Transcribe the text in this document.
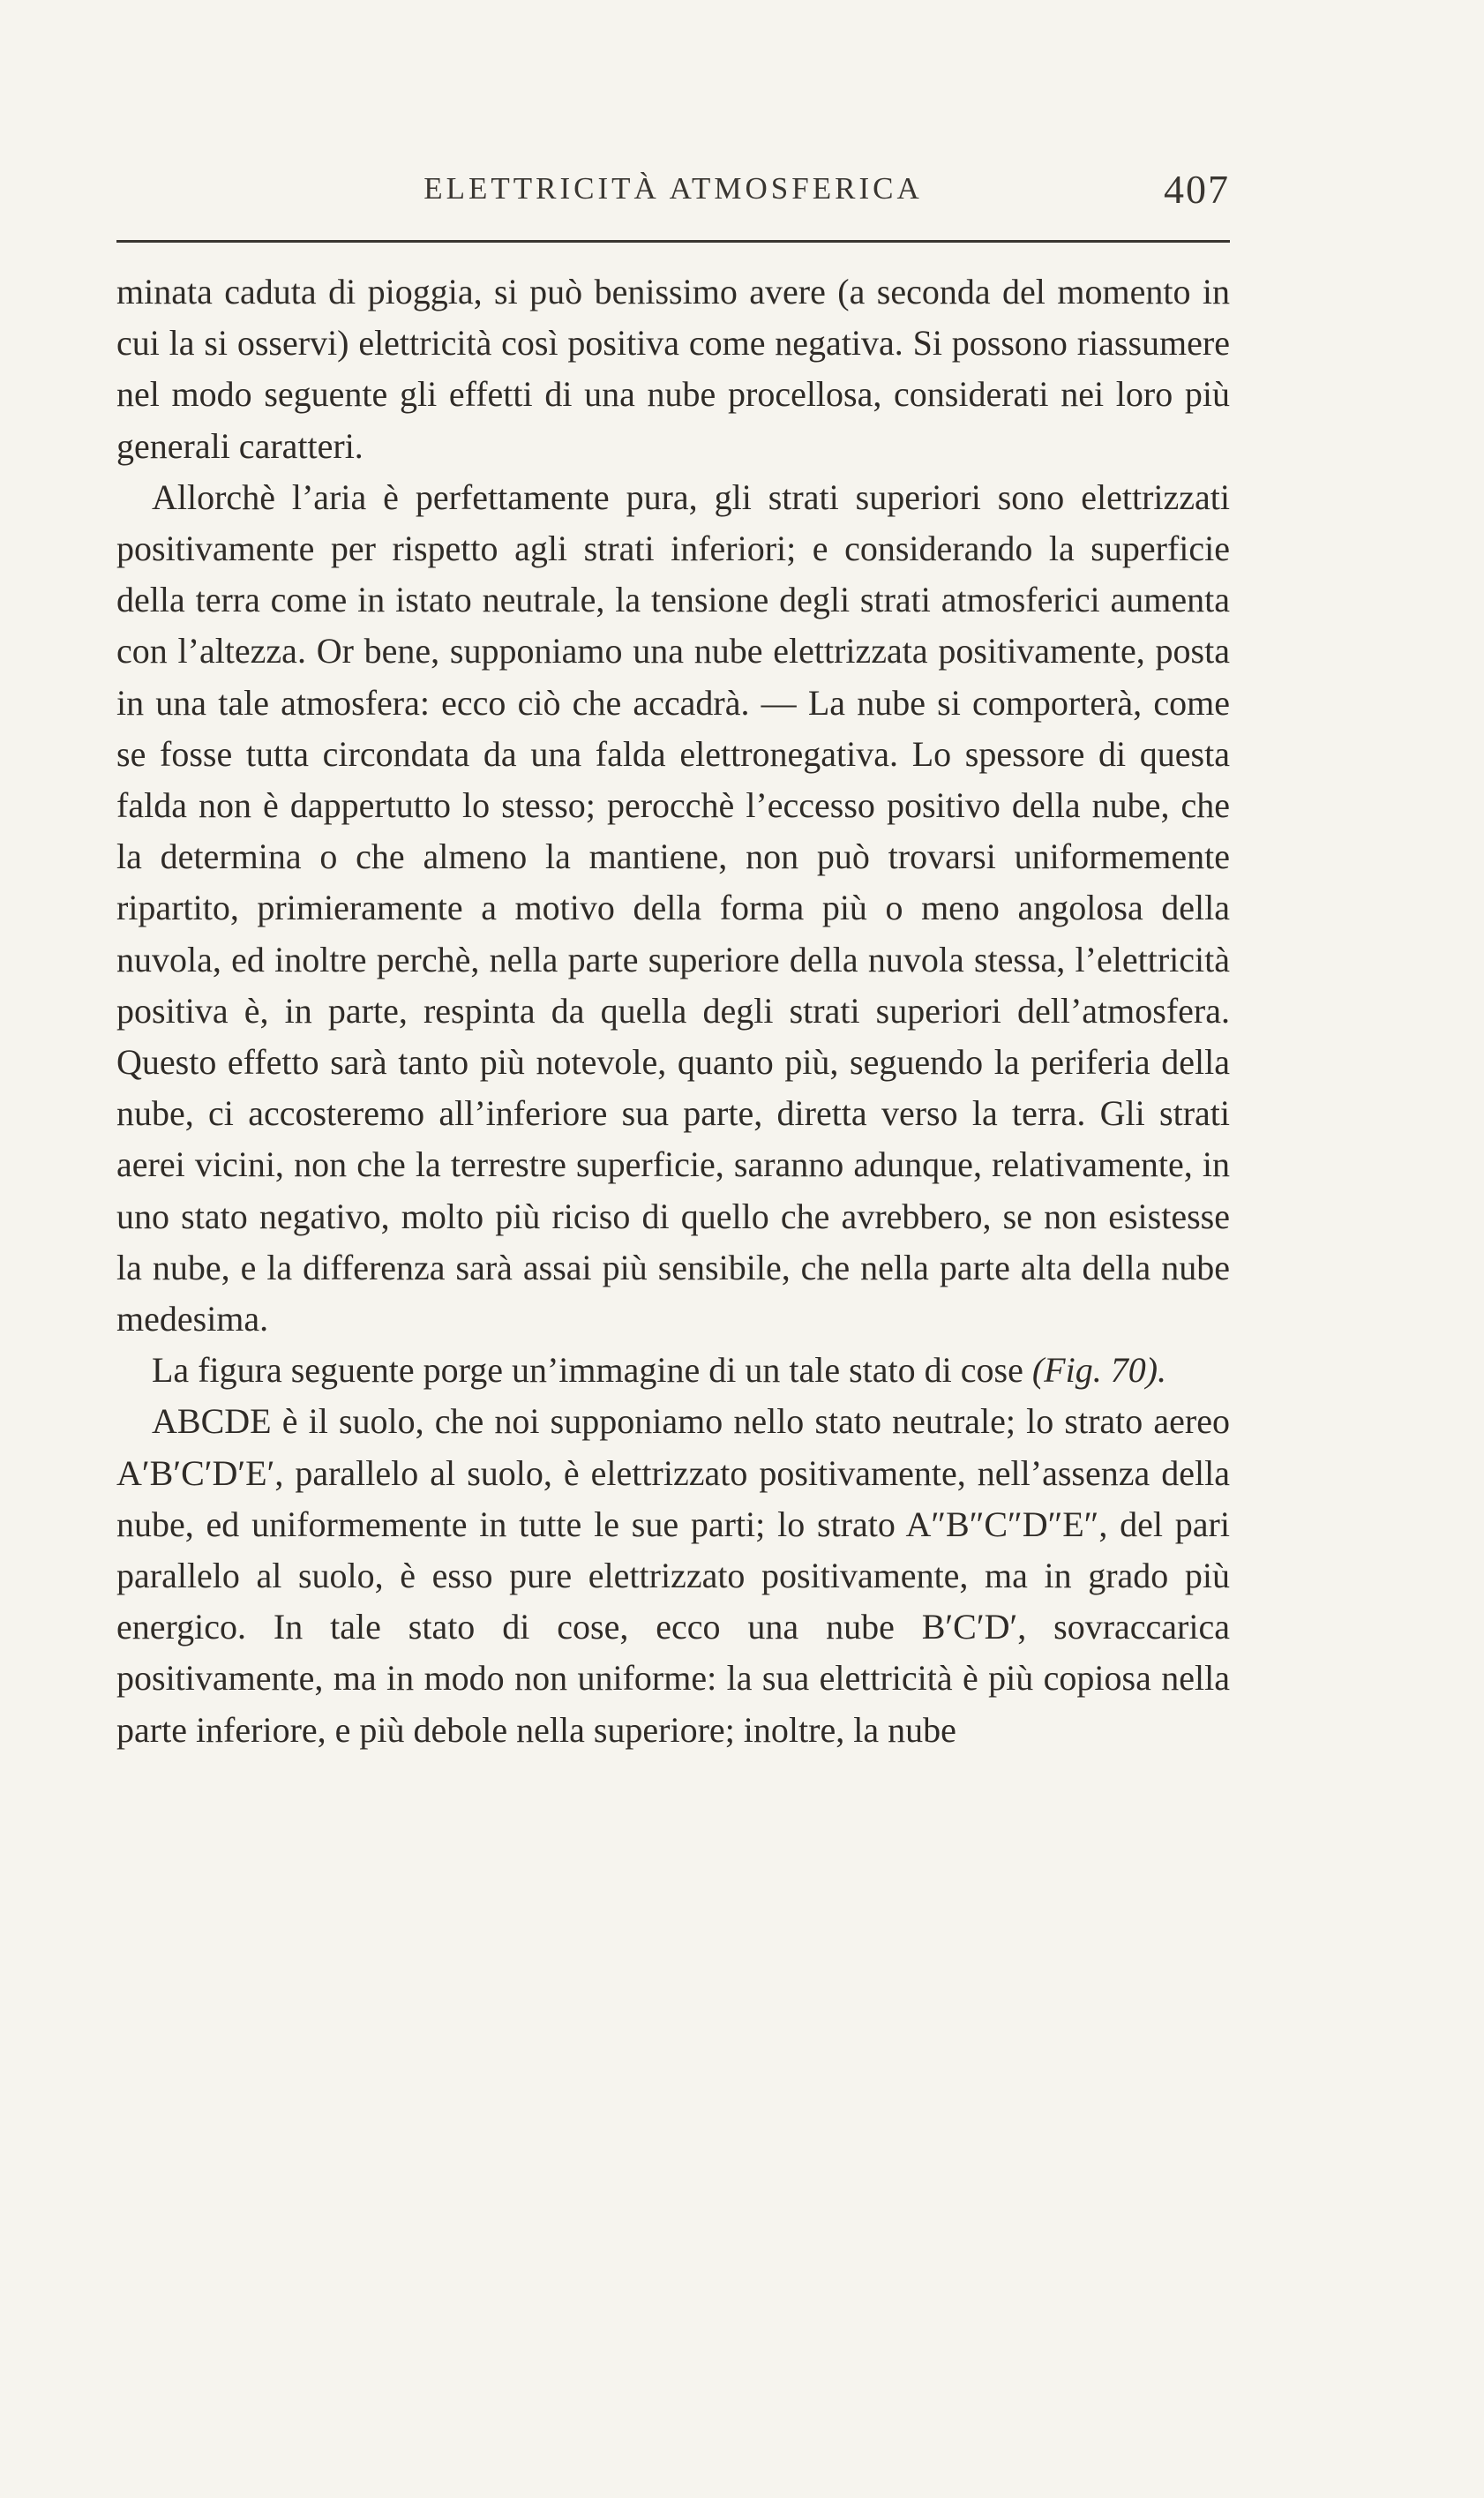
ELETTRICITÀ ATMOSFERICA	407

minata caduta di pioggia, si può benissimo avere (a seconda del momento in cui la si osservi) elettricità così positiva come negativa. Si possono riassumere nel modo seguente gli effetti di una nube procellosa, considerati nei loro più generali caratteri.

Allorchè l’aria è perfettamente pura, gli strati superiori sono elettrizzati positivamente per rispetto agli strati inferiori; e considerando la superficie della terra come in istato neutrale, la tensione degli strati atmosferici aumenta con l’altezza. Or bene, supponiamo una nube elettrizzata positivamente, posta in una tale atmosfera: ecco ciò che accadrà. — La nube si comporterà, come se fosse tutta circondata da una falda elettronegativa. Lo spessore di questa falda non è dappertutto lo stesso; perocchè l’eccesso positivo della nube, che la determina o che almeno la mantiene, non può trovarsi uniformemente ripartito, primieramente a motivo della forma più o meno angolosa della nuvola, ed inoltre perchè, nella parte superiore della nuvola stessa, l’elettricità positiva è, in parte, respinta da quella degli strati superiori dell’atmosfera. Questo effetto sarà tanto più notevole, quanto più, seguendo la periferia della nube, ci accosteremo all’inferiore sua parte, diretta verso la terra. Gli strati aerei vicini, non che la terrestre superficie, saranno adunque, relativamente, in uno stato negativo, molto più riciso di quello che avrebbero, se non esistesse la nube, e la differenza sarà assai più sensibile, che nella parte alta della nube medesima.

La figura seguente porge un’immagine di un tale stato di cose (Fig. 70).

ABCDE è il suolo, che noi supponiamo nello stato neutrale; lo strato aereo A′B′C′D′E′, parallelo al suolo, è elettrizzato positivamente, nell’assenza della nube, ed uniformemente in tutte le sue parti; lo strato A″B″C″D″E″, del pari parallelo al suolo, è esso pure elettrizzato positivamente, ma in grado più energico. In tale stato di cose, ecco una nube B′C′D′, sovraccarica positivamente, ma in modo non uniforme: la sua elettricità è più copiosa nella parte inferiore, e più debole nella superiore; inoltre, la nube
